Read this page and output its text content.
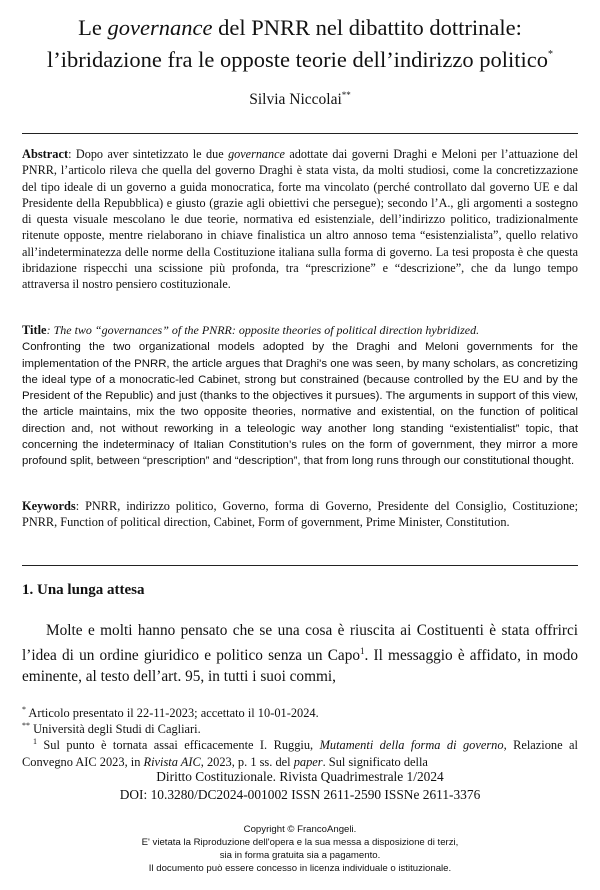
Le governance del PNRR nel dibattito dottrinale:
l’ibridazione fra le opposte teorie dell’indirizzo politico*
Silvia Niccolai**
Abstract: Dopo aver sintetizzato le due governance adottate dai governi Draghi e Meloni per l’attuazione del PNRR, l’articolo rileva che quella del governo Draghi è stata vista, da molti studiosi, come la concretizzazione del tipo ideale di un governo a guida monocratica, forte ma vincolato (perché controllato dal governo UE e dal Presidente della Repubblica) e giusto (grazie agli obiettivi che persegue); secondo l’A., gli argomenti a sostegno di questa visuale mescolano le due teorie, normativa ed esistenziale, dell’indirizzo politico, tradizionalmente ritenute opposte, mentre rielaborano in chiave finalistica un altro annoso tema “esistenzialista”, quello relativo all’indeterminatezza delle norme della Costituzione italiana sulla forma di governo. La tesi proposta è che questa ibridazione rispecchi una scissione più profonda, tra “prescrizione” e “descrizione”, che da lungo tempo attraversa il nostro pensiero costituzionale.
Title: The two “governances” of the PNRR: opposite theories of political direction hybridized.
Confronting the two organizational models adopted by the Draghi and Meloni governments for the implementation of the PNRR, the article argues that Draghi's one was seen, by many scholars, as concretizing the ideal type of a monocratic-led Cabinet, strong but constrained (because controlled by the EU and by the President of the Republic) and just (thanks to the objectives it pursues). The arguments in support of this view, the article maintains, mix the two opposite theories, normative and existential, on the function of political direction and, not without reworking in a teleologic way another long standing “existentialist” topic, that concerning the indeterminacy of Italian Constitution’s rules on the form of government, they mirror a more profound split, between “prescription” and “description”, that from long runs through our constitutional thought.
Keywords: PNRR, indirizzo politico, Governo, forma di Governo, Presidente del Consiglio, Costituzione; PNRR, Function of political direction, Cabinet, Form of government, Prime Minister, Constitution.
1. Una lunga attesa
Molte e molti hanno pensato che se una cosa è riuscita ai Costituenti è stata offrirci l’idea di un ordine giuridico e politico senza un Capo$^1$. Il messaggio è affidato, in modo eminente, al testo dell’art. 95, in tutti i suoi commi,
* Articolo presentato il 22-11-2023; accettato il 10-01-2024.
** Università degli Studi di Cagliari.
$^1$ Sul punto è tornata assai efficacemente I. Ruggiu, Mutamenti della forma di governo, Relazione al Convegno AIC 2023, in Rivista AIC, 2023, p. 1 ss. del paper. Sul significato della
Diritto Costituzionale. Rivista Quadrimestrale 1/2024
DOI: 10.3280/DC2024-001002 ISSN 2611-2590 ISSNe 2611-3376
Copyright © FrancoAngeli.
E' vietata la Riproduzione dell'opera e la sua messa a disposizione di terzi,
sia in forma gratuita sia a pagamento.
Il documento può essere concesso in licenza individuale o istituzionale.
